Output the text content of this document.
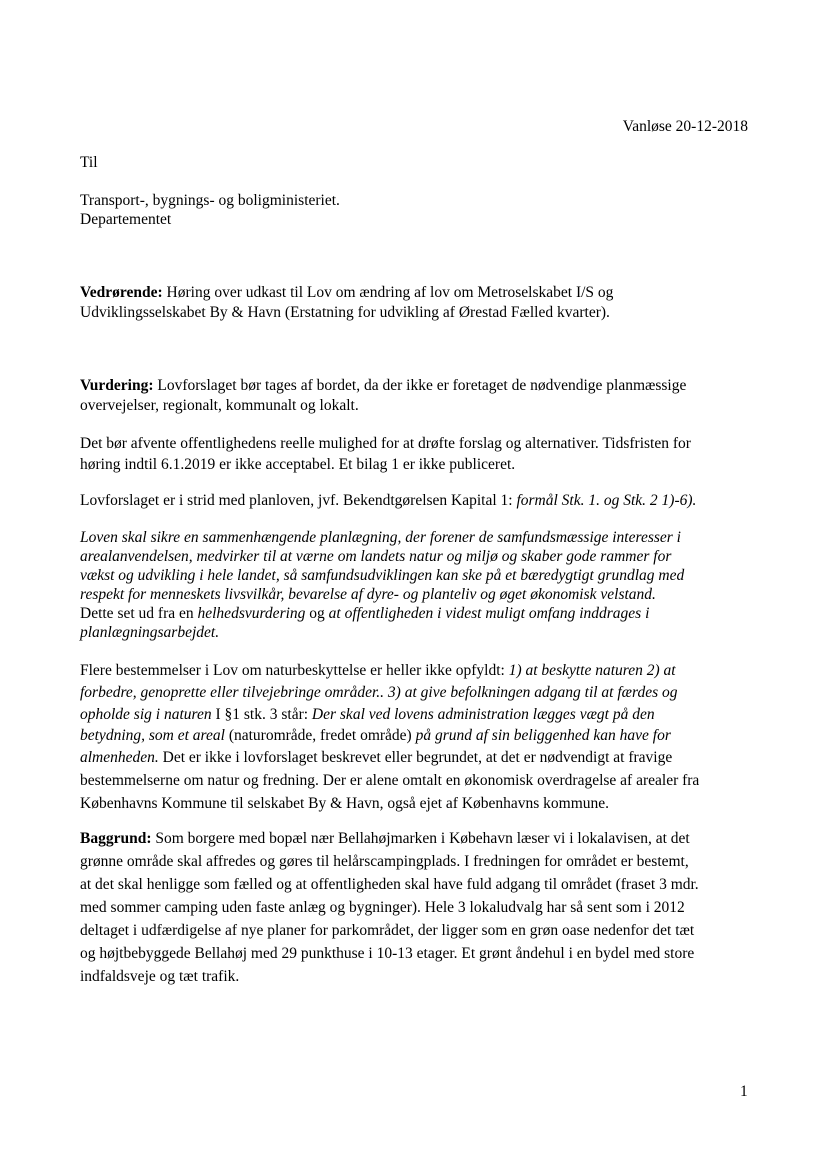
Vanløse 20-12-2018
Til
Transport-, bygnings- og boligministeriet.
Departementet
Vedrørende: Høring over udkast til Lov om ændring af lov om Metroselskabet I/S og
Udviklingsselskabet By & Havn (Erstatning for udvikling af Ørestad Fælled kvarter).
Vurdering: Lovforslaget bør tages af bordet, da der ikke er foretaget de nødvendige planmæssige
overvejelser, regionalt, kommunalt og lokalt.
Det bør afvente offentlighedens reelle mulighed for at drøfte forslag og alternativer. Tidsfristen for
høring indtil 6.1.2019 er ikke acceptabel. Et bilag 1 er ikke publiceret.
Lovforslaget er i strid med planloven, jvf. Bekendtgørelsen Kapital 1: formål Stk. 1. og Stk. 2 1)-6).
Loven skal sikre en sammenhængende planlægning, der forener de samfundsmæssige interesser i
arealanvendelsen, medvirker til at værne om landets natur og miljø og skaber gode rammer for
vækst og udvikling i hele landet, så samfundsudviklingen kan ske på et bæredygtigt grundlag med
respekt for menneskets livsvilkår, bevarelse af dyre- og planteliv og øget økonomisk velstand.
Dette set ud fra en helhedsvurdering og at offentligheden i videst muligt omfang inddrages i
planlægningsarbejdet.
Flere bestemmelser i Lov om naturbeskyttelse er heller ikke opfyldt: 1) at beskytte naturen 2) at
forbedre, genoprette eller tilvejebringe områder.. 3) at give befolkningen adgang til at færdes og
opholde sig i naturen I §1 stk. 3 står: Der skal ved lovens administration lægges vægt på den
betydning, som et areal (naturområde, fredet område) på grund af sin beliggenhed kan have for
almenheden. Det er ikke i lovforslaget beskrevet eller begrundet, at det er nødvendigt at fravige
bestemmelserne om natur og fredning. Der er alene omtalt en økonomisk overdragelse af arealer fra
Københavns Kommune til selskabet By & Havn, også ejet af Københavns kommune.
Baggrund: Som borgere med bopæl nær Bellahøjmarken i Købehavn læser vi i lokalavisen, at det
grønne område skal affredes og gøres til helårscampingplads. I fredningen for området er bestemt,
at det skal henligge som fælled og at offentligheden skal have fuld adgang til området (fraset 3 mdr.
med sommer camping uden faste anlæg og bygninger). Hele 3 lokaludvalg har så sent som i 2012
deltaget i udfærdigelse af nye planer for parkområdet, der ligger som en grøn oase nedenfor det tæt
og højtbebyggede Bellahøj med 29 punkthuse i 10-13 etager. Et grønt åndehul i en bydel med store
indfaldsveje og tæt trafik.
1
